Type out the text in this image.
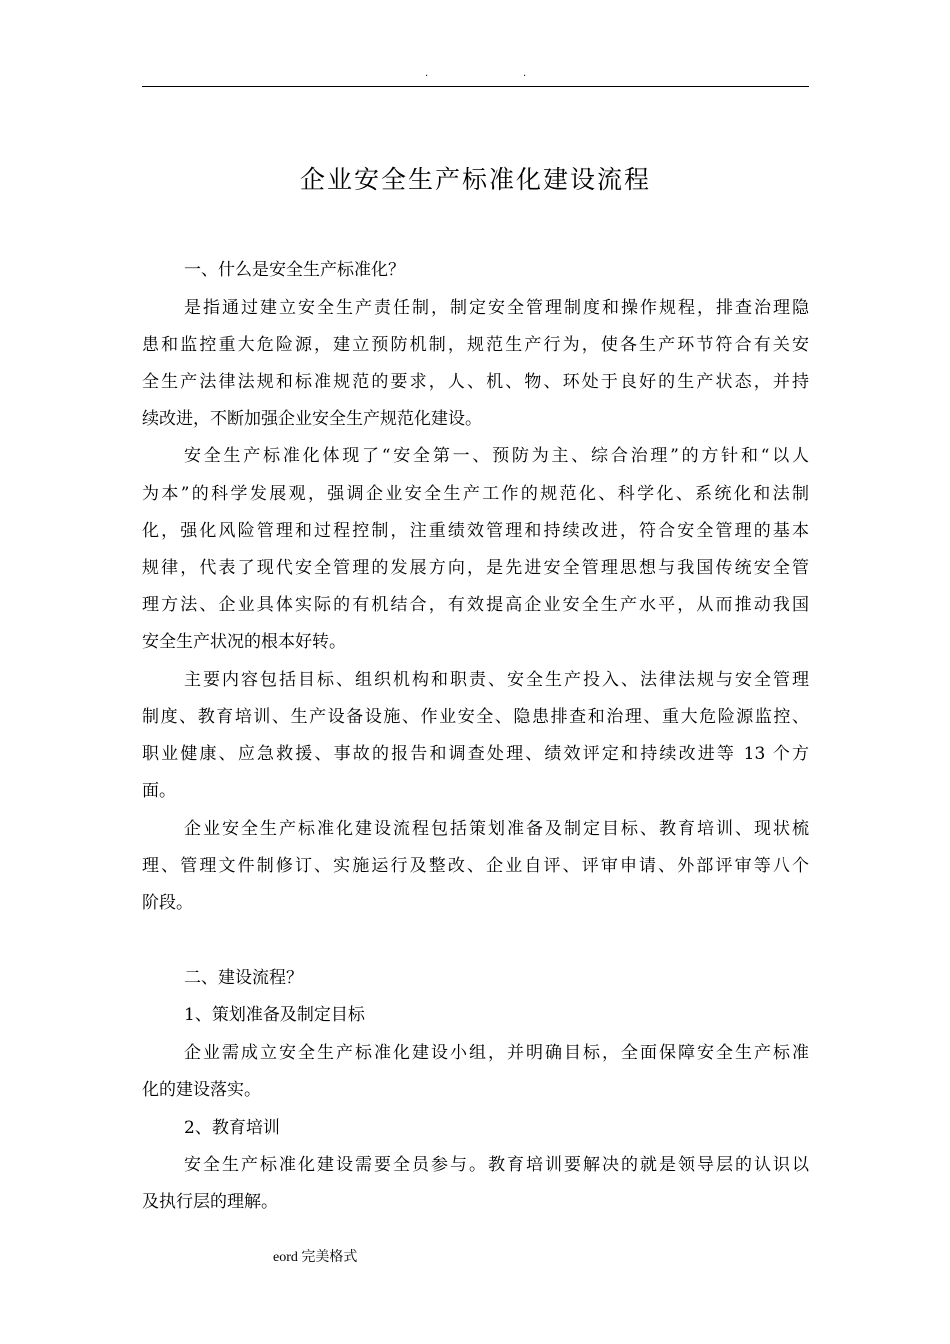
.	.
企业安全生产标准化建设流程
一、什么是安全生产标准化？
是指通过建立安全生产责任制，制定安全管理制度和操作规程，排查治理隐
患和监控重大危险源，建立预防机制，规范生产行为，使各生产环节符合有关安
全生产法律法规和标准规范的要求，人、机、物、环处于良好的生产状态，并持
续改进，不断加强企业安全生产规范化建设。
安全生产标准化体现了“安全第一、预防为主、综合治理”的方针和“以人
为本”的科学发展观，强调企业安全生产工作的规范化、科学化、系统化和法制
化，强化风险管理和过程控制，注重绩效管理和持续改进，符合安全管理的基本
规律，代表了现代安全管理的发展方向，是先进安全管理思想与我国传统安全管
理方法、企业具体实际的有机结合，有效提高企业安全生产水平，从而推动我国
安全生产状况的根本好转。
主要内容包括目标、组织机构和职责、安全生产投入、法律法规与安全管理
制度、教育培训、生产设备设施、作业安全、隐患排查和治理、重大危险源监控、
职业健康、应急救援、事故的报告和调查处理、绩效评定和持续改进等 13 个方
面。
企业安全生产标准化建设流程包括策划准备及制定目标、教育培训、现状梳
理、管理文件制修订、实施运行及整改、企业自评、评审申请、外部评审等八个
阶段。
二、建设流程？
1、策划准备及制定目标
企业需成立安全生产标准化建设小组，并明确目标，全面保障安全生产标准
化的建设落实。
2、教育培训
安全生产标准化建设需要全员参与。教育培训要解决的就是领导层的认识以
及执行层的理解。
eord 完美格式
